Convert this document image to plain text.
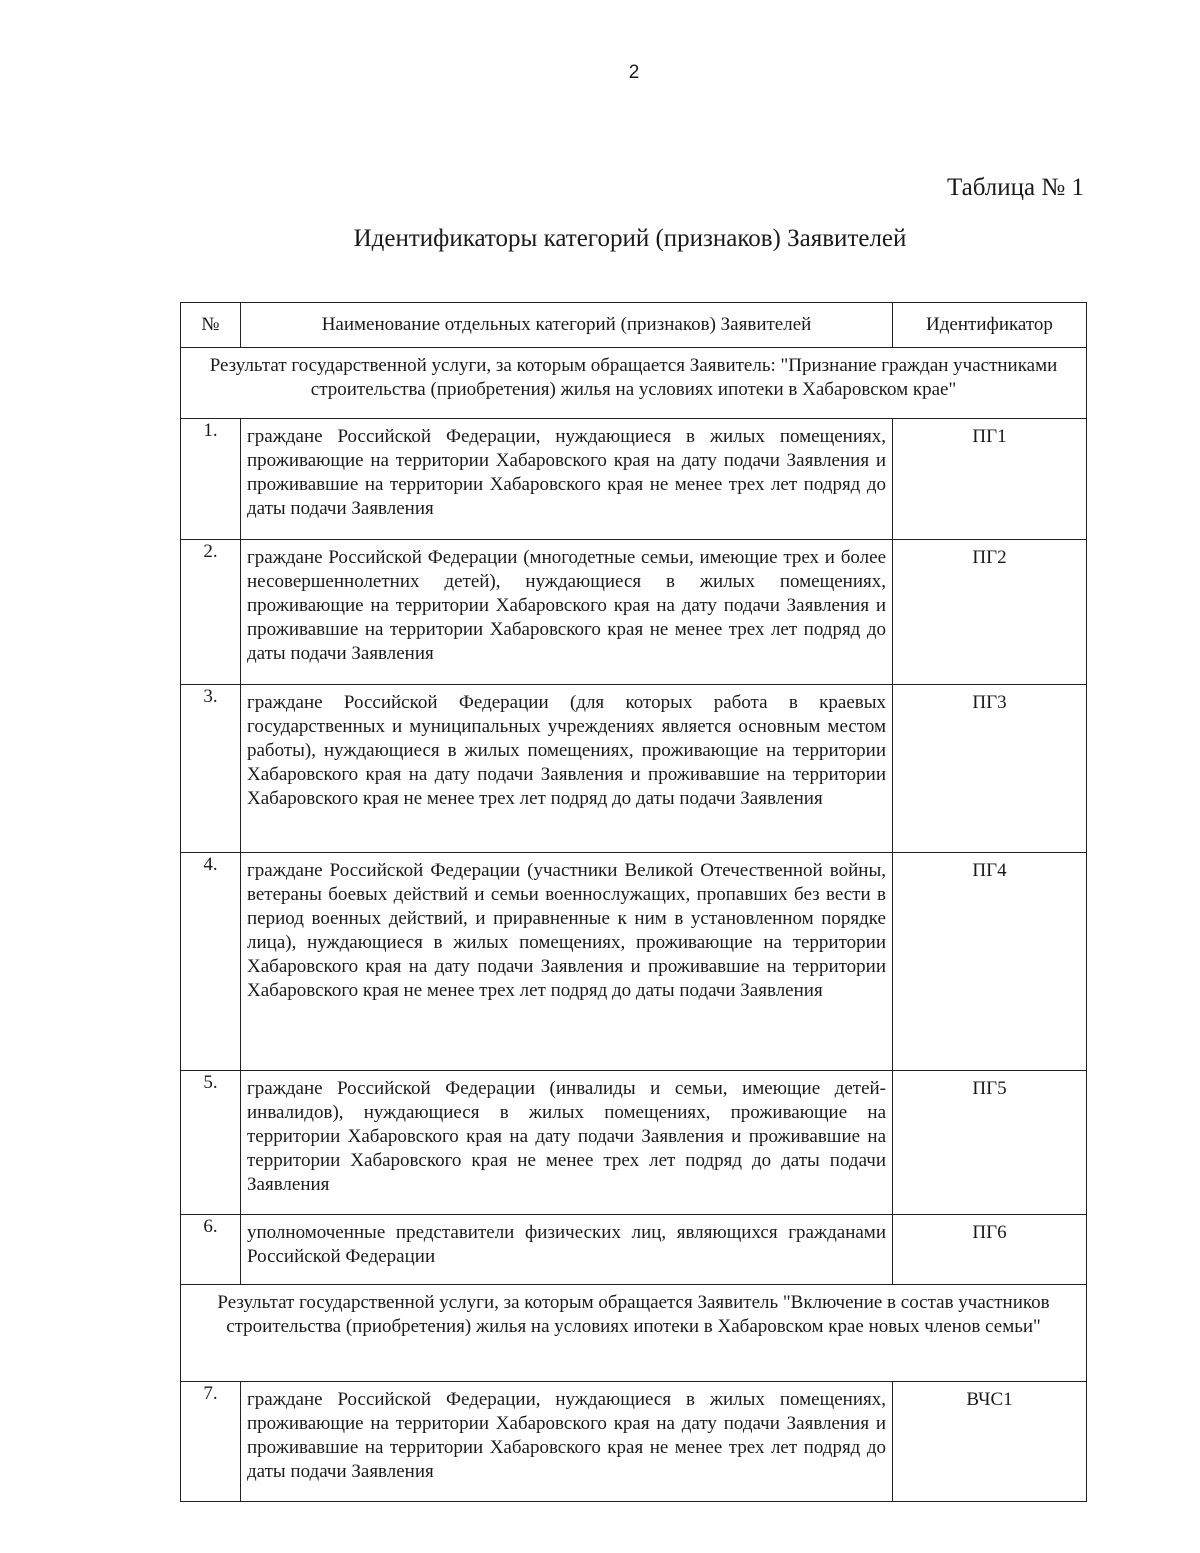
2
Таблица № 1
Идентификаторы категорий (признаков) Заявителей
№	Наименование отдельных категорий (признаков) Заявителей	Идентификатор
Результат государственной услуги, за которым обращается Заявитель: "Признание граждан участниками строительства (приобретения) жилья на условиях ипотеки в Хабаровском крае"		
1.	граждане Российской Федерации, нуждающиеся в жилых помещениях, проживающие на территории Хабаровского края на дату подачи Заявления и проживавшие на территории Хабаровского края не менее трех лет подряд до даты подачи Заявления	ПГ1
2.	граждане Российской Федерации (многодетные семьи, имеющие трех и более несовершеннолетних детей), нуждающиеся в жилых помещениях, проживающие на территории Хабаровского края на дату подачи Заявления и проживавшие на территории Хабаровского края не менее трех лет подряд до даты подачи Заявления	ПГ2
3.	граждане Российской Федерации (для которых работа в краевых государственных и муниципальных учреждениях является основным местом работы), нуждающиеся в жилых помещениях, проживающие на территории Хабаровского края на дату подачи Заявления и проживавшие на территории Хабаровского края не менее трех лет подряд до даты подачи Заявления	ПГ3
4.	граждане Российской Федерации (участники Великой Отечественной войны, ветераны боевых действий и семьи военнослужащих, пропавших без вести в период военных действий, и приравненные к ним в установленном порядке лица), нуждающиеся в жилых помещениях, проживающие на территории Хабаровского края на дату подачи Заявления и проживавшие на территории Хабаровского края не менее трех лет подряд до даты подачи Заявления	ПГ4
5.	граждане Российской Федерации (инвалиды и семьи, имеющие детей-инвалидов), нуждающиеся в жилых помещениях, проживающие на территории Хабаровского края на дату подачи Заявления и проживавшие на территории Хабаровского края не менее трех лет подряд до даты подачи Заявления	ПГ5
6.	уполномоченные представители физических лиц, являющихся гражданами Российской Федерации	ПГ6
Результат государственной услуги, за которым обращается Заявитель "Включение в состав участников строительства (приобретения) жилья на условиях ипотеки в Хабаровском крае новых членов семьи"		
7.	граждане Российской Федерации, нуждающиеся в жилых помещениях, проживающие на территории Хабаровского края на дату подачи Заявления и проживавшие на территории Хабаровского края не менее трех лет подряд до даты подачи Заявления	ВЧС1
